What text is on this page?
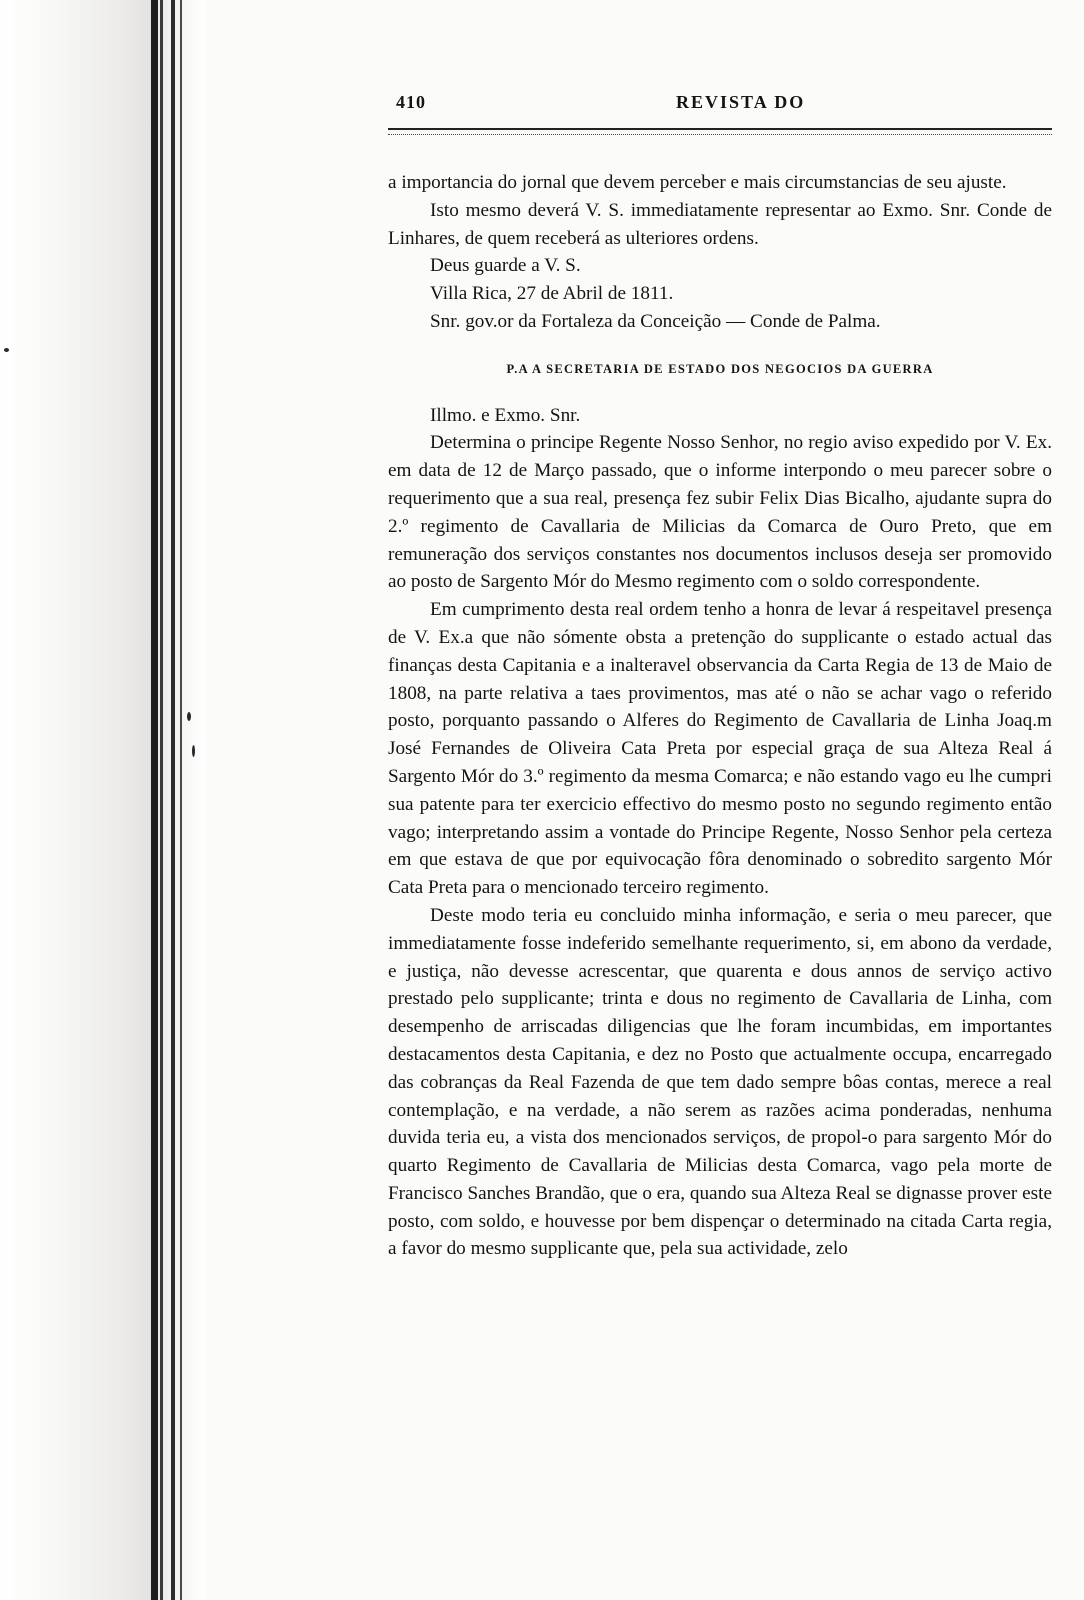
410	REVISTA DO

a importancia do jornal que devem perceber e mais circumstancias de seu ajuste.

Isto mesmo deverá V. S. immediatamente representar ao Exmo. Snr. Conde de Linhares, de quem receberá as ulteriores ordens.

Deus guarde a V. S.

Villa Rica, 27 de Abril de 1811.

Snr. gov.or da Fortaleza da Conceição — Conde de Palma.

P.A A SECRETARIA DE ESTADO DOS NEGOCIOS DA GUERRA

Illmo. e Exmo. Snr.

Determina o principe Regente Nosso Senhor, no regio aviso expedido por V. Ex. em data de 12 de Março passado, que o informe interpondo o meu parecer sobre o requerimento que a sua real, presença fez subir Felix Dias Bicalho, ajudante supra do 2.º regimento de Cavallaria de Milicias da Comarca de Ouro Preto, que em remuneração dos serviços constantes nos documentos inclusos deseja ser promovido ao posto de Sargento Mór do Mesmo regimento com o soldo correspondente.

Em cumprimento desta real ordem tenho a honra de levar á respeitavel presença de V. Ex.a que não sómente obsta a pretenção do supplicante o estado actual das finanças desta Capitania e a inalteravel observancia da Carta Regia de 13 de Maio de 1808, na parte relativa a taes provimentos, mas até o não se achar vago o referido posto, porquanto passando o Alferes do Regimento de Cavallaria de Linha Joaq.m José Fernandes de Oliveira Cata Preta por especial graça de sua Alteza Real á Sargento Mór do 3.º regimento da mesma Comarca; e não estando vago eu lhe cumpri sua patente para ter exercicio effectivo do mesmo posto no segundo regimento então vago; interpretando assim a vontade do Principe Regente, Nosso Senhor pela certeza em que estava de que por equivocação fôra denominado o sobredito sargento Mór Cata Preta para o mencionado terceiro regimento.

Deste modo teria eu concluido minha informação, e seria o meu parecer, que immediatamente fosse indeferido semelhante requerimento, si, em abono da verdade, e justiça, não devesse acrescentar, que quarenta e dous annos de serviço activo prestado pelo supplicante; trinta e dous no regimento de Cavallaria de Linha, com desempenho de arriscadas diligencias que lhe foram incumbidas, em importantes destacamentos desta Capitania, e dez no Posto que actualmente occupa, encarregado das cobranças da Real Fazenda de que tem dado sempre bôas contas, merece a real contemplação, e na verdade, a não serem as razões acima ponderadas, nenhuma duvida teria eu, a vista dos mencionados serviços, de propol-o para sargento Mór do quarto Regimento de Cavallaria de Milicias desta Comarca, vago pela morte de Francisco Sanches Brandão, que o era, quando sua Alteza Real se dignasse prover este posto, com soldo, e houvesse por bem dispençar o determinado na citada Carta regia, a favor do mesmo supplicante que, pela sua actividade, zelo
